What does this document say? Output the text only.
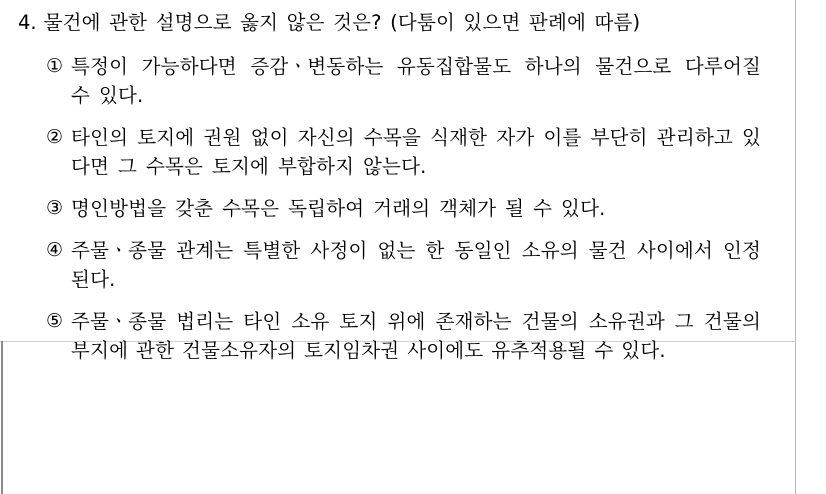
4. 물건에 관한 설명으로 옳지 않은 것은? (다툼이 있으면 판례에 따름)
① 특정이 가능하다면 증감ㆍ변동하는 유동집합물도 하나의 물건으로 다루어질 수 있다.
② 타인의 토지에 권원 없이 자신의 수목을 식재한 자가 이를 부단히 관리하고 있다면 그 수목은 토지에 부합하지 않는다.
③ 명인방법을 갖춘 수목은 독립하여 거래의 객체가 될 수 있다.
④ 주물ㆍ종물 관계는 특별한 사정이 없는 한 동일인 소유의 물건 사이에서 인정된다.
⑤ 주물ㆍ종물 법리는 타인 소유 토지 위에 존재하는 건물의 소유권과 그 건물의 부지에 관한 건물소유자의 토지임차권 사이에도 유추적용될 수 있다.
